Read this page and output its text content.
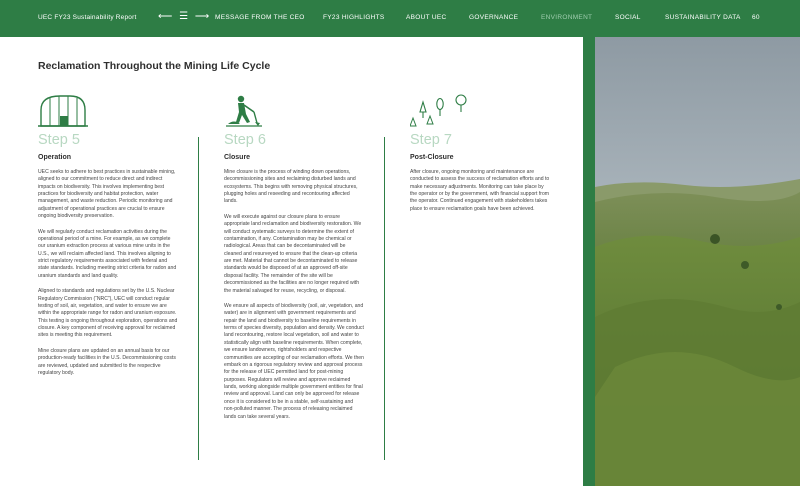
UEC FY23 Sustainability Report ⟵ ☰ ⟶ MESSAGE FROM THE CEO	FY23 HIGHLIGHTS	ABOUT UEC	GOVERNANCE	ENVIRONMENT	SOCIAL	SUSTAINABILITY DATA 60
Reclamation Throughout the Mining Life Cycle
Step 5
Operation

UEC seeks to adhere to best practices in sustainable mining, aligned to our commitment to reduce direct and indirect impacts on biodiversity. This involves implementing best practices for biodiversity and habitat protection, water management, and waste reduction. Periodic monitoring and adjustment of operational practices are crucial to ensure ongoing biodiversity preservation.

We will regularly conduct reclamation activities during the operational period of a mine. For example, as we complete our uranium extraction process at various mine units in the U.S., we will reclaim affected land. This involves aligning to strict regulatory requirements associated with federal and state standards. Including meeting strict criteria for radon and uranium standards and land quality.

Aligned to standards and regulations set by the U.S. Nuclear Regulatory Commission (“NRC”), UEC will conduct regular testing of soil, air, vegetation, and water to ensure we are within the appropriate range for radon and uranium exposure. This testing is ongoing throughout exploration, operations and closure. A key component of receiving approval for reclaimed sites is meeting this requirement.

Mine closure plans are updated on an annual basis for our production-ready facilities in the U.S. Decommissioning costs are reviewed, updated and submitted to the respective regulatory body.

Step 6
Closure

Mine closure is the process of winding down operations, decommissioning sites and reclaiming disturbed lands and ecosystems. This begins with removing physical structures, plugging holes and reseeding and recontouring affected lands.

We will execute against our closure plans to ensure appropriate land reclamation and biodiversity restoration. We will conduct systematic surveys to determine the extent of contamination, if any. Contamination may be chemical or radiological. Areas that can be decontaminated will be cleaned and resurveyed to ensure that the clean-up criteria are met. Material that cannot be decontaminated to release standards would be disposed of at an approved off-site disposal facility. The remainder of the site will be decommissioned as the facilities are no longer required with the material salvaged for reuse, recycling, or disposal.

We ensure all aspects of biodiversity (soil, air, vegetation, and water) are in alignment with government requirements and repair the land and biodiversity to baseline requirements in terms of species diversity, population and density. We conduct land recontouring, restore local vegetation, soil and water to statistically align with baseline requirements. When complete, we ensure landowners, rightsholders and respective communities are accepting of our reclamation efforts. We then embark on a rigorous regulatory review and approval process for the release of UEC permitted land for post-mining purposes. Regulators will review and approve reclaimed lands, working alongside multiple government entities for final review and approval. Land can only be approved for release once it is considered to be in a stable, self-sustaining and non-polluted manner. The process of releasing reclaimed lands can take several years.

Step 7
Post-Closure

After closure, ongoing monitoring and maintenance are conducted to assess the success of reclamation efforts and to make necessary adjustments. Monitoring can take place by the operator or by the government, with financial support from the operator. Continued engagement with stakeholders takes place to ensure reclamation goals have been achieved.
